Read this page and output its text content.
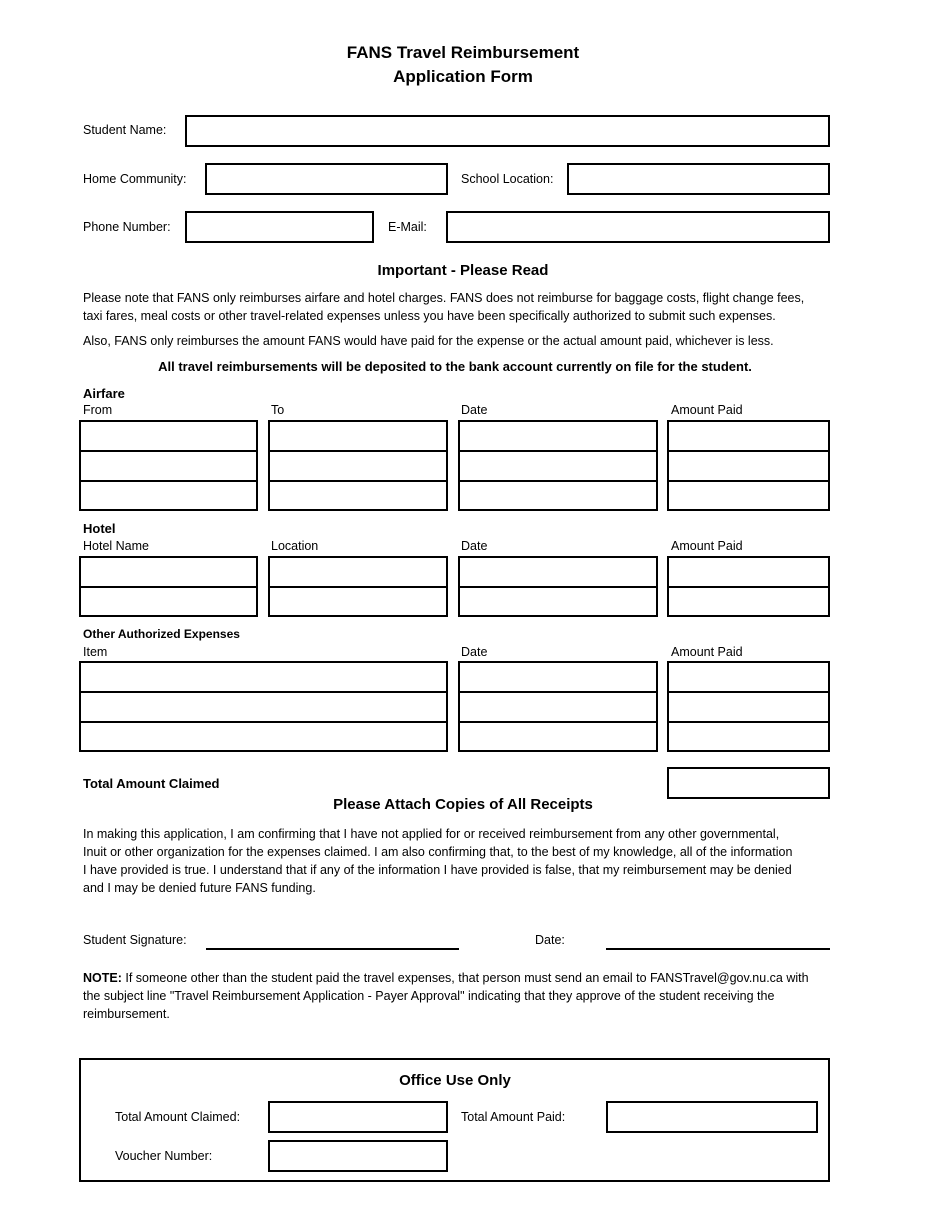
FANS Travel Reimbursement
Application Form
Student Name:
Home Community:	School Location:
Phone Number:	E-Mail:
Important - Please Read
Please note that FANS only reimburses airfare and hotel charges. FANS does not reimburse for baggage costs, flight change fees, taxi fares, meal costs or other travel-related expenses unless you have been specifically authorized to submit such expenses.
Also, FANS only reimburses the amount FANS would have paid for the expense or the actual amount paid, whichever is less.
All travel reimbursements will be deposited to the bank account currently on file for the student.
Airfare
From	To	Date	Amount Paid
Hotel
Hotel Name	Location	Date	Amount Paid
Other Authorized Expenses
Item	Date	Amount Paid
Total Amount Claimed
Please Attach Copies of All Receipts
In making this application, I am confirming that I have not applied for or received reimbursement from any other governmental, Inuit or other organization for the expenses claimed. I am also confirming that, to the best of my knowledge, all of the information I have provided is true. I understand that if any of the information I have provided is false, that my reimbursement may be denied and I may be denied future FANS funding.
Student Signature:	Date:
NOTE: If someone other than the student paid the travel expenses, that person must send an email to FANSTravel@gov.nu.ca with the subject line "Travel Reimbursement Application - Payer Approval" indicating that they approve of the student receiving the reimbursement.
Office Use Only
Total Amount Claimed:	Total Amount Paid:
Voucher Number:
